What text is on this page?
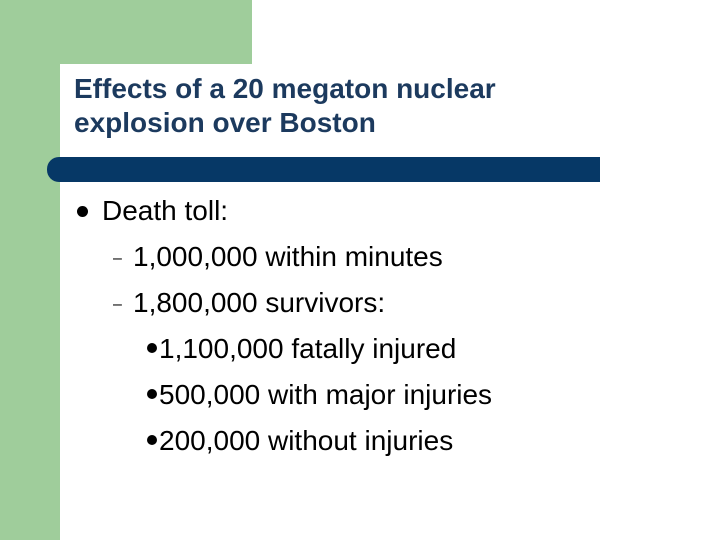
Effects of a 20 megaton nuclear
explosion over Boston
Death toll:
– 1,000,000 within minutes
– 1,800,000 survivors:
1,100,000 fatally injured
500,000 with major injuries
200,000 without injuries
